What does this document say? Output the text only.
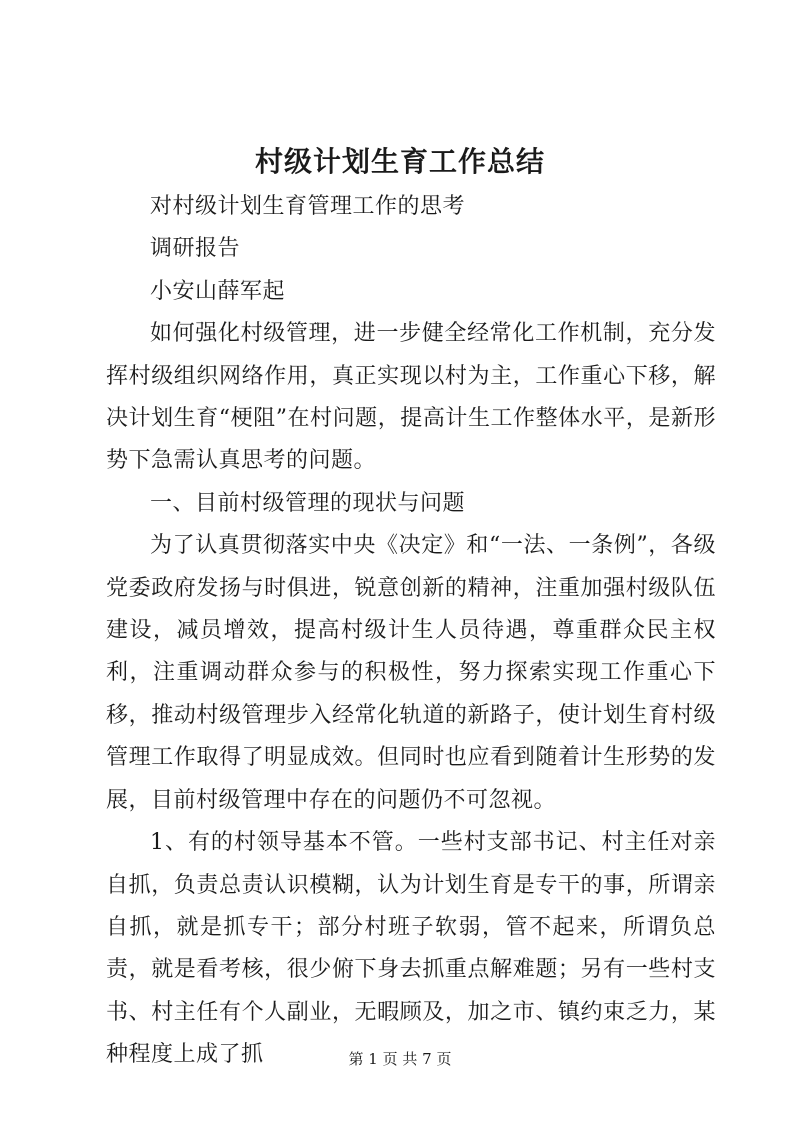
村级计划生育工作总结

对村级计划生育管理工作的思考

调研报告

小安山薛军起

如何强化村级管理，进一步健全经常化工作机制，充分发挥村级组织网络作用，真正实现以村为主，工作重心下移，解决计划生育“梗阻”在村问题，提高计生工作整体水平，是新形势下急需认真思考的问题。

一、目前村级管理的现状与问题

为了认真贯彻落实中央《决定》和“一法、一条例”，各级党委政府发扬与时俱进，锐意创新的精神，注重加强村级队伍建设，减员增效，提高村级计生人员待遇，尊重群众民主权利，注重调动群众参与的积极性，努力探索实现工作重心下移，推动村级管理步入经常化轨道的新路子，使计划生育村级管理工作取得了明显成效。但同时也应看到随着计生形势的发展，目前村级管理中存在的问题仍不可忽视。

1、有的村领导基本不管。一些村支部书记、村主任对亲自抓，负责总责认识模糊，认为计划生育是专干的事，所谓亲自抓，就是抓专干；部分村班子软弱，管不起来，所谓负总责，就是看考核，很少俯下身去抓重点解难题；另有一些村支书、村主任有个人副业，无暇顾及，加之市、镇约束乏力，某种程度上成了抓	第 1 页 共 7 页
